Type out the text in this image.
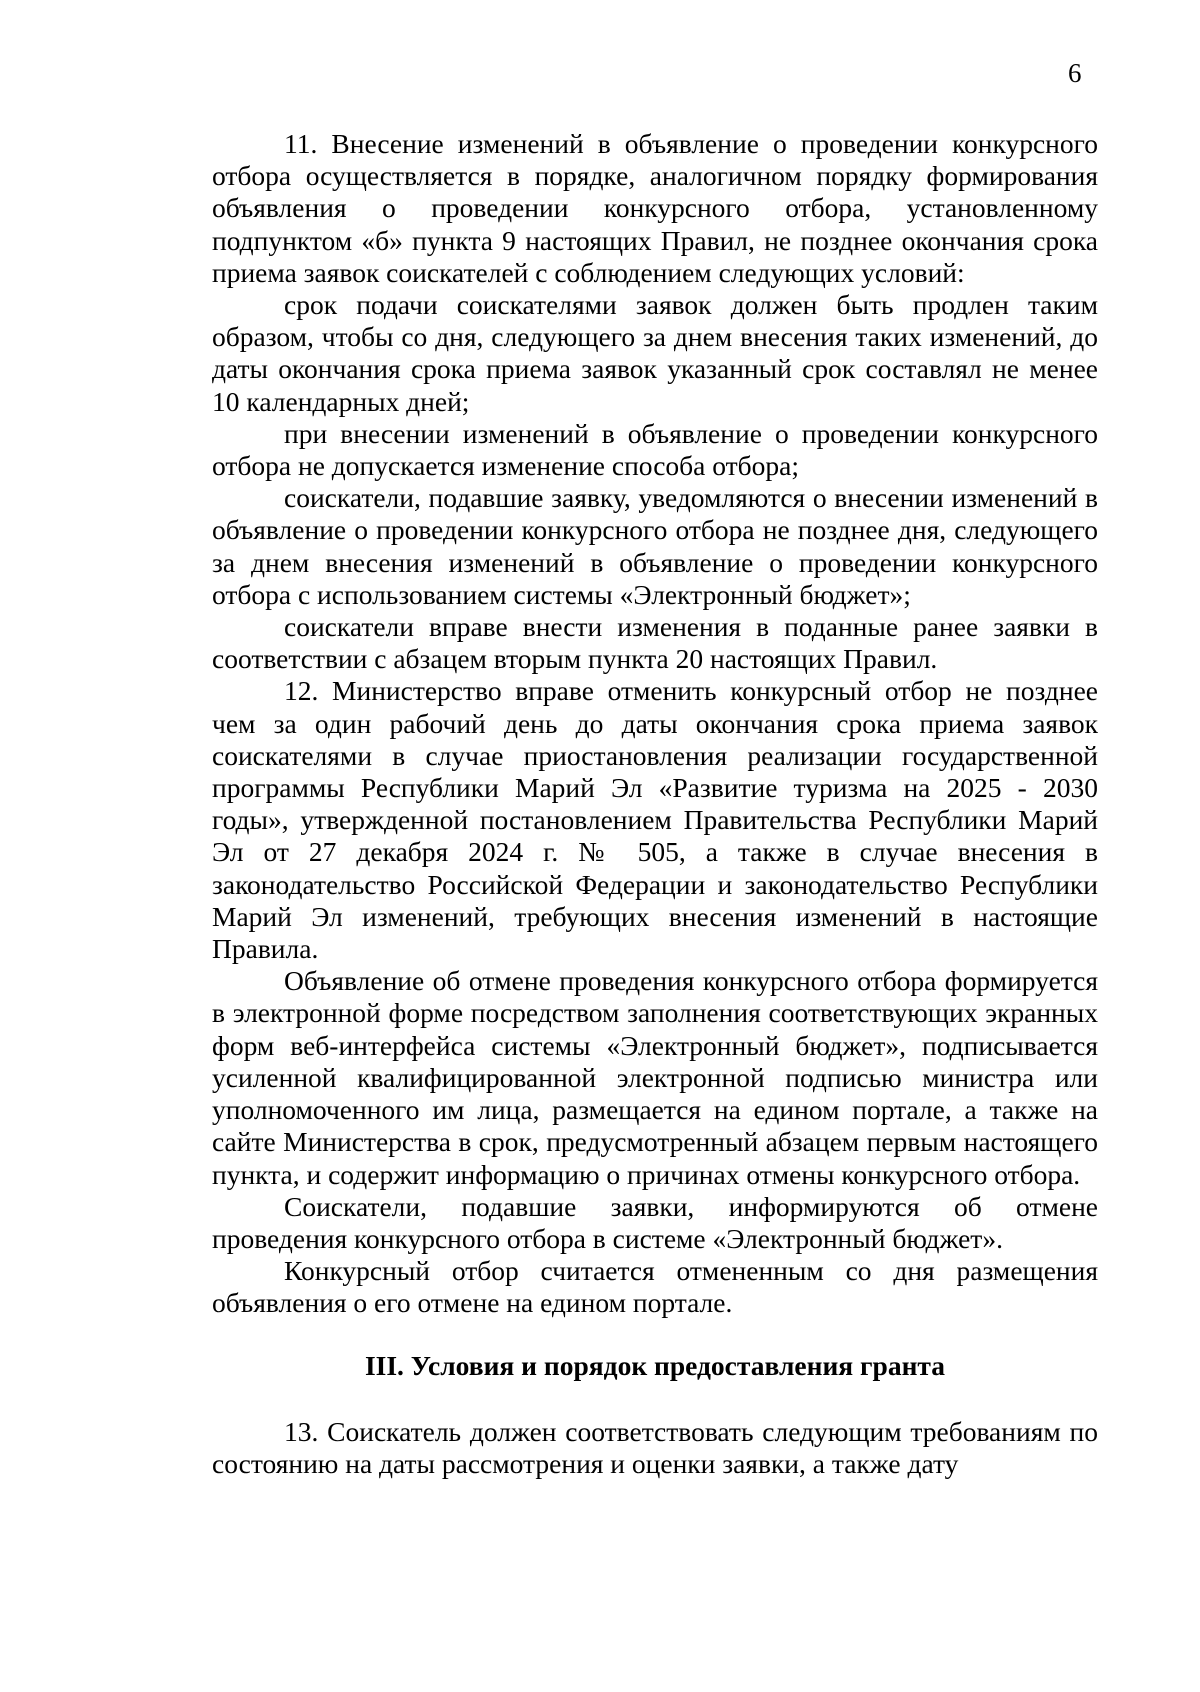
6

11. Внесение изменений в объявление о проведении конкурсного отбора осуществляется в порядке, аналогичном порядку формирования объявления о проведении конкурсного отбора, установленному подпунктом «б» пункта 9 настоящих Правил, не позднее окончания срока приема заявок соискателей с соблюдением следующих условий:

срок подачи соискателями заявок должен быть продлен таким образом, чтобы со дня, следующего за днем внесения таких изменений, до даты окончания срока приема заявок указанный срок составлял не менее 10 календарных дней;

при внесении изменений в объявление о проведении конкурсного отбора не допускается изменение способа отбора;

соискатели, подавшие заявку, уведомляются о внесении изменений в объявление о проведении конкурсного отбора не позднее дня, следующего за днем внесения изменений в объявление о проведении конкурсного отбора с использованием системы «Электронный бюджет»;

соискатели вправе внести изменения в поданные ранее заявки в соответствии с абзацем вторым пункта 20 настоящих Правил.

12. Министерство вправе отменить конкурсный отбор не позднее чем за один рабочий день до даты окончания срока приема заявок соискателями в случае приостановления реализации государственной программы Республики Марий Эл «Развитие туризма на 2025 - 2030 годы», утвержденной постановлением Правительства Республики Марий Эл от 27 декабря 2024 г. № 505, а также в случае внесения в законодательство Российской Федерации и законодательство Республики Марий Эл изменений, требующих внесения изменений в настоящие Правила.

Объявление об отмене проведения конкурсного отбора формируется в электронной форме посредством заполнения соответствующих экранных форм веб-интерфейса системы «Электронный бюджет», подписывается усиленной квалифицированной электронной подписью министра или уполномоченного им лица, размещается на едином портале, а также на сайте Министерства в срок, предусмотренный абзацем первым настоящего пункта, и содержит информацию о причинах отмены конкурсного отбора.

Соискатели, подавшие заявки, информируются об отмене проведения конкурсного отбора в системе «Электронный бюджет».

Конкурсный отбор считается отмененным со дня размещения объявления о его отмене на едином портале.

III. Условия и порядок предоставления гранта

13. Соискатель должен соответствовать следующим требованиям по состоянию на даты рассмотрения и оценки заявки, а также дату
